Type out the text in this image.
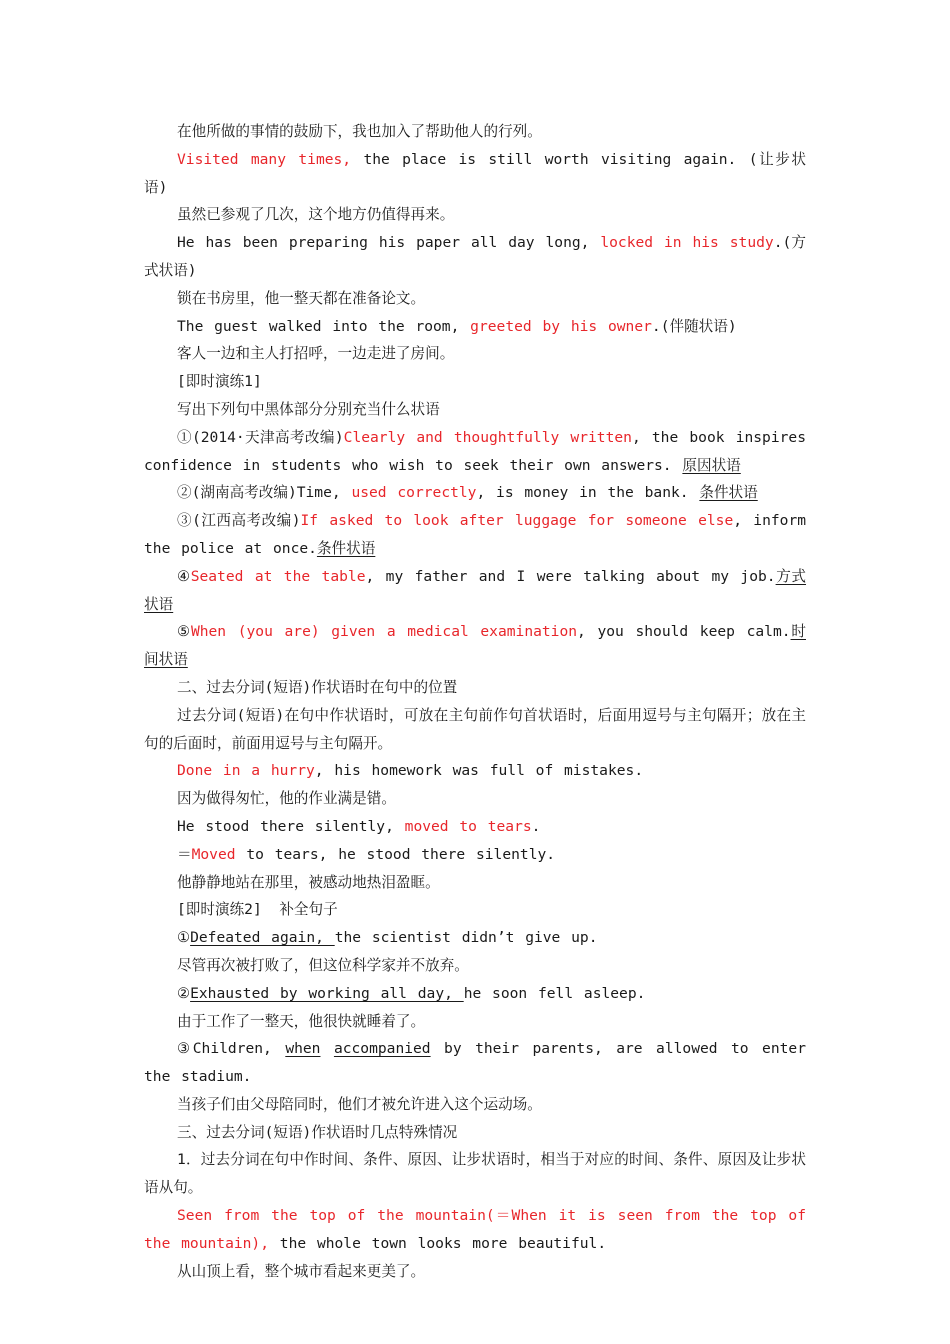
在他所做的事情的鼓励下，我也加入了帮助他人的行列。

Visited many times, the place is still worth visiting again. (让步状语)

虽然已参观了几次，这个地方仍值得再来。

He has been preparing his paper all day long, locked in his study.(方式状语)

锁在书房里，他一整天都在准备论文。

The guest walked into the room, greeted by his owner.(伴随状语)

客人一边和主人打招呼，一边走进了房间。

[即时演练1]

写出下列句中黑体部分分别充当什么状语

①(2014·天津高考改编)Clearly and thoughtfully written, the book inspires confidence in students who wish to seek their own answers. 原因状语

②(湖南高考改编)Time, used correctly, is money in the bank. 条件状语

③(江西高考改编)If asked to look after luggage for someone else, inform the police at once.条件状语

④Seated at the table, my father and I were talking about my job.方式状语

⑤When (you are) given a medical examination, you should keep calm.时间状语

二、过去分词(短语)作状语时在句中的位置

过去分词(短语)在句中作状语时，可放在主句前作句首状语时，后面用逗号与主句隔开；放在主句的后面时，前面用逗号与主句隔开。

Done in a hurry, his homework was full of mistakes.

因为做得匆忙，他的作业满是错。

He stood there silently, moved to tears.

＝Moved to tears, he stood there silently.

他静静地站在那里，被感动地热泪盈眶。

[即时演练2] 补全句子

①Defeated again, the scientist didn’t give up.

尽管再次被打败了，但这位科学家并不放弃。

②Exhausted by working all day, he soon fell asleep.

由于工作了一整天，他很快就睡着了。

③Children, when accompanied by their parents, are allowed to enter the stadium.

当孩子们由父母陪同时，他们才被允许进入这个运动场。

三、过去分词(短语)作状语时几点特殊情况

1．过去分词在句中作时间、条件、原因、让步状语时，相当于对应的时间、条件、原因及让步状语从句。

Seen from the top of the mountain(＝When it is seen from the top of the mountain), the whole town looks more beautiful.

从山顶上看，整个城市看起来更美了。
